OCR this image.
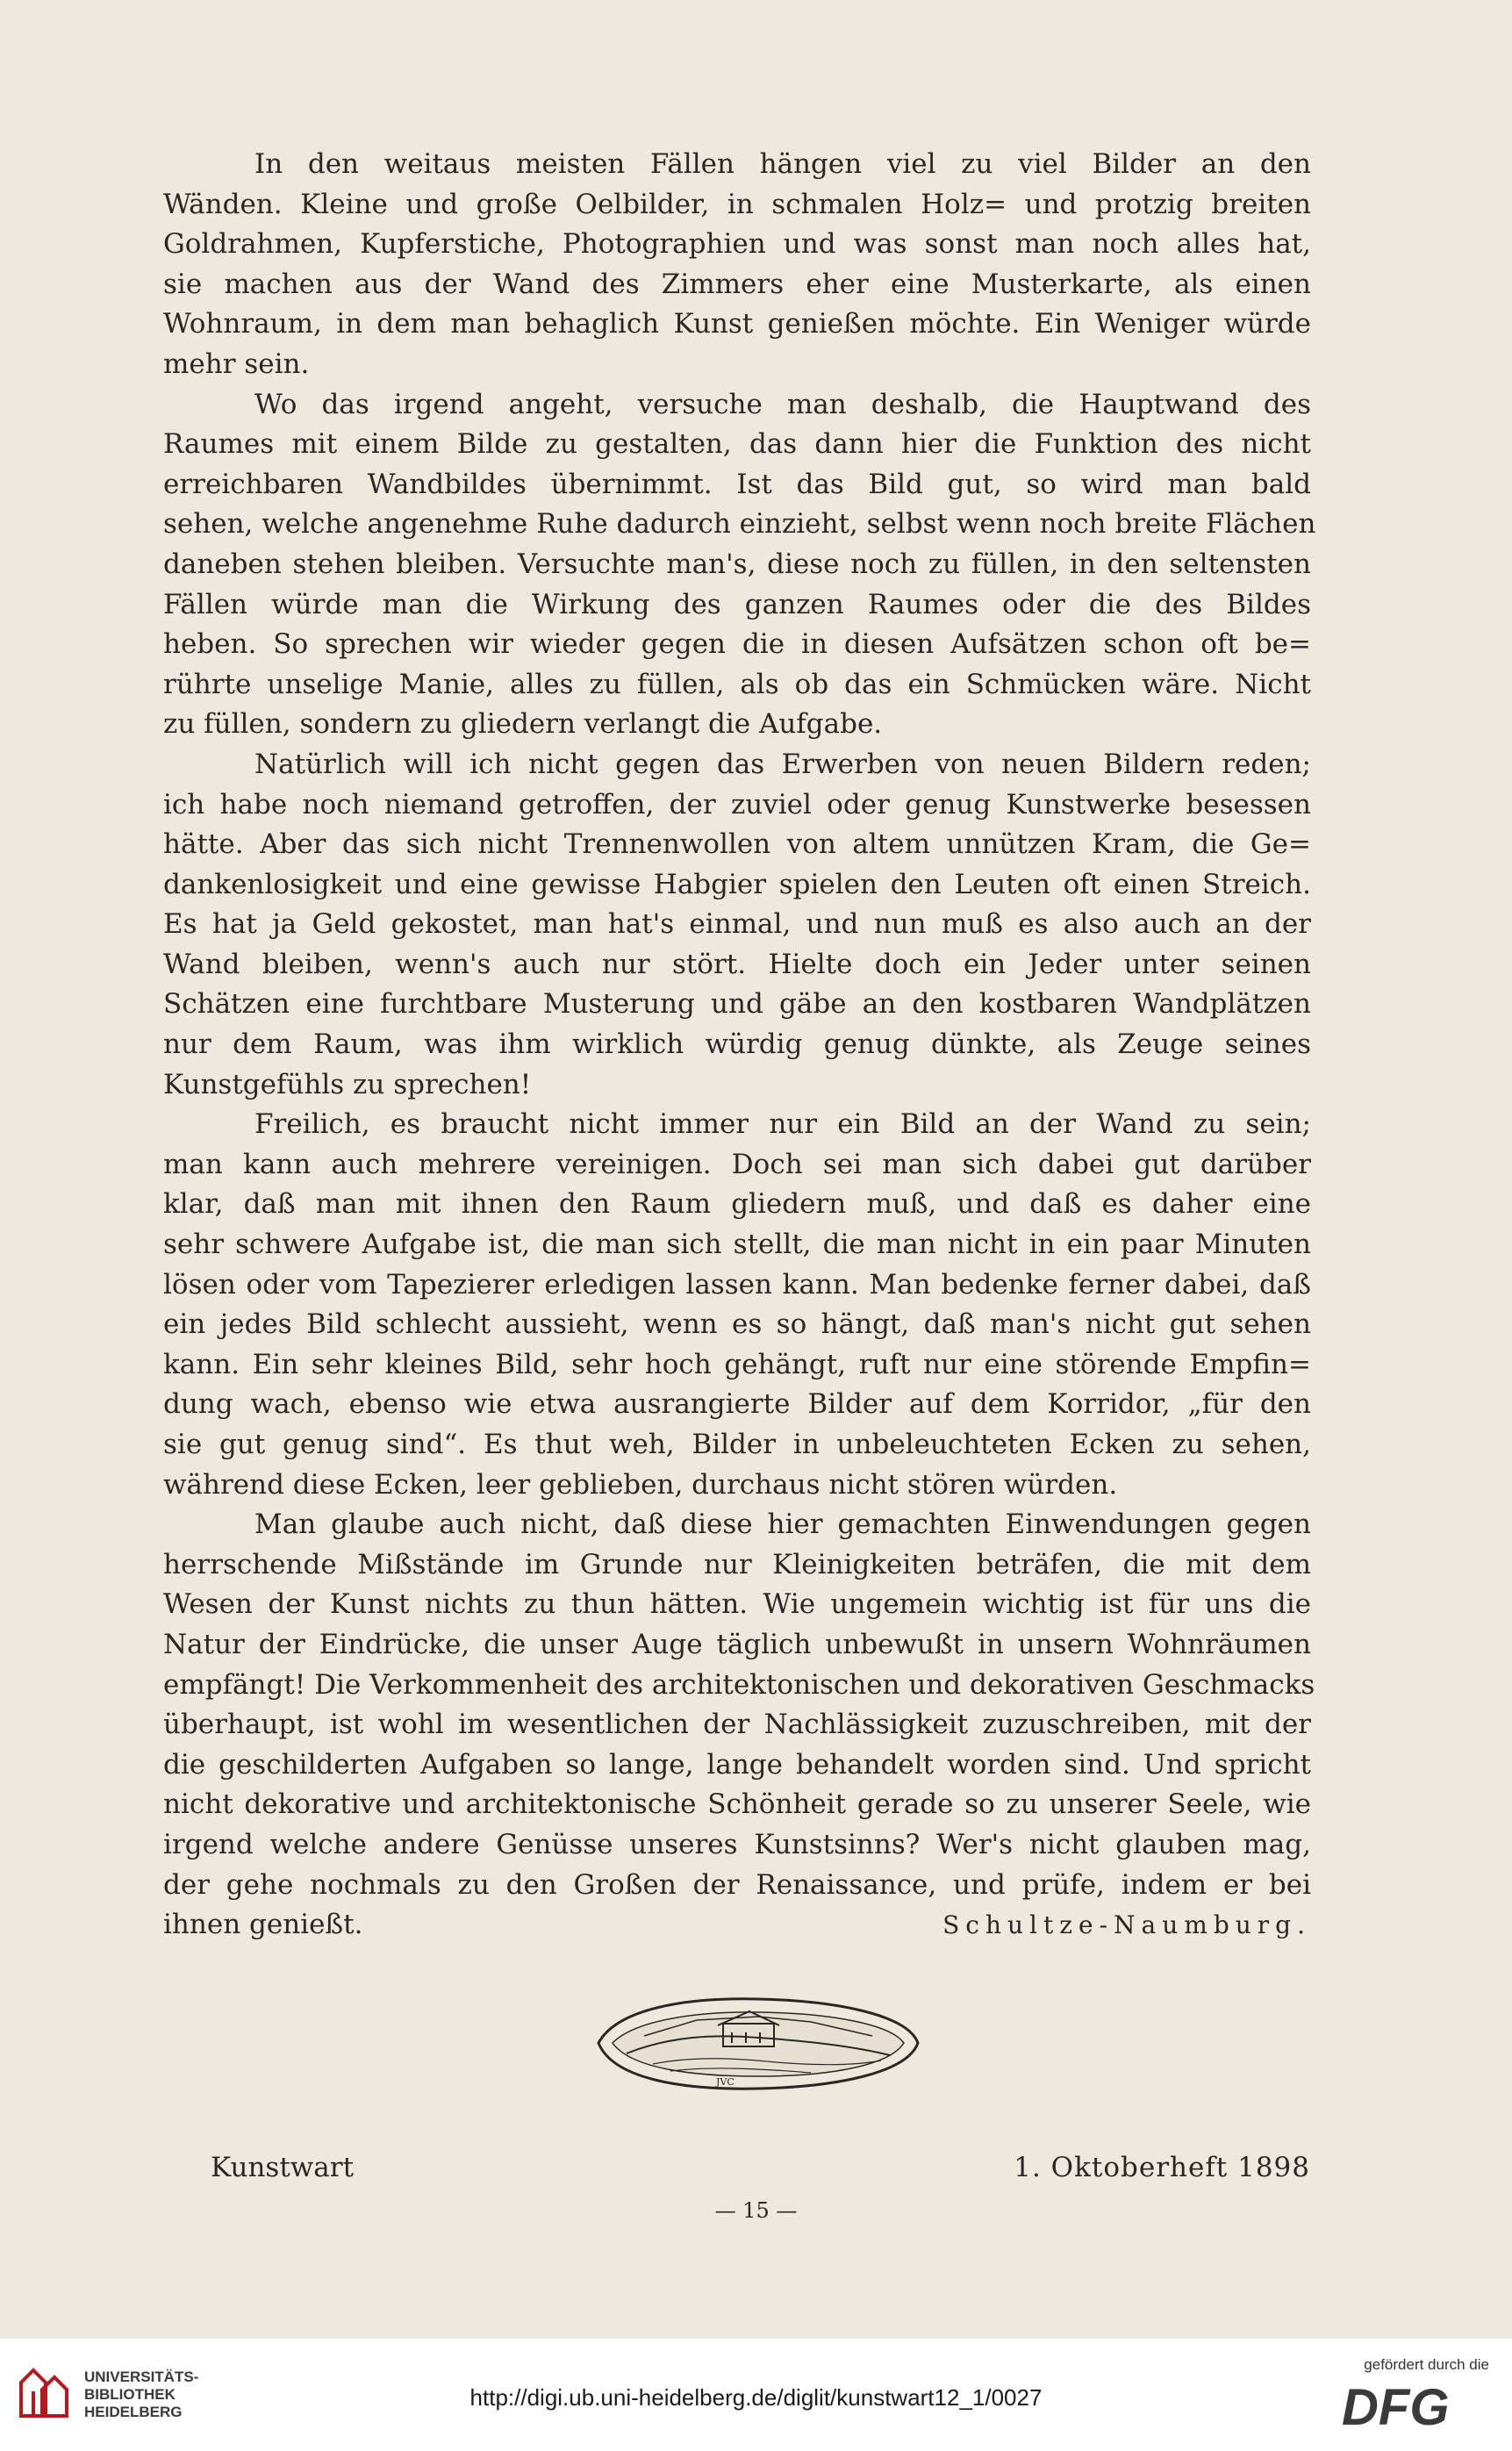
In den weitaus meisten Fällen hängen viel zu viel Bilder an den
Wänden. Kleine und große Oelbilder, in schmalen Holz= und protzig breiten
Goldrahmen, Kupferstiche, Photographien und was sonst man noch alles hat,
sie machen aus der Wand des Zimmers eher eine Musterkarte, als einen
Wohnraum, in dem man behaglich Kunst genießen möchte. Ein Weniger würde
mehr sein.

Wo das irgend angeht, versuche man deshalb, die Hauptwand des
Raumes mit einem Bilde zu gestalten, das dann hier die Funktion des nicht
erreichbaren Wandbildes übernimmt. Ist das Bild gut, so wird man bald
sehen, welche angenehme Ruhe dadurch einzieht, selbst wenn noch breite Flächen
daneben stehen bleiben. Versuchte man's, diese noch zu füllen, in den seltensten
Fällen würde man die Wirkung des ganzen Raumes oder die des Bildes
heben. So sprechen wir wieder gegen die in diesen Aufsätzen schon oft be=
rührte unselige Manie, alles zu füllen, als ob das ein Schmücken wäre. Nicht
zu füllen, sondern zu gliedern verlangt die Aufgabe.

Natürlich will ich nicht gegen das Erwerben von neuen Bildern reden;
ich habe noch niemand getroffen, der zuviel oder genug Kunstwerke besessen
hätte. Aber das sich nicht Trennenwollen von altem unnützen Kram, die Ge=
dankenlosigkeit und eine gewisse Habgier spielen den Leuten oft einen Streich.
Es hat ja Geld gekostet, man hat's einmal, und nun muß es also auch an der
Wand bleiben, wenn's auch nur stört. Hielte doch ein Jeder unter seinen
Schätzen eine furchtbare Musterung und gäbe an den kostbaren Wandplätzen
nur dem Raum, was ihm wirklich würdig genug dünkte, als Zeuge seines
Kunstgefühls zu sprechen!

Freilich, es braucht nicht immer nur ein Bild an der Wand zu sein;
man kann auch mehrere vereinigen. Doch sei man sich dabei gut darüber
klar, daß man mit ihnen den Raum gliedern muß, und daß es daher eine
sehr schwere Aufgabe ist, die man sich stellt, die man nicht in ein paar Minuten
lösen oder vom Tapezierer erledigen lassen kann. Man bedenke ferner dabei, daß
ein jedes Bild schlecht aussieht, wenn es so hängt, daß man's nicht gut sehen
kann. Ein sehr kleines Bild, sehr hoch gehängt, ruft nur eine störende Empfin=
dung wach, ebenso wie etwa ausrangierte Bilder auf dem Korridor, „für den
sie gut genug sind“. Es thut weh, Bilder in unbeleuchteten Ecken zu sehen,
während diese Ecken, leer geblieben, durchaus nicht stören würden.

Man glaube auch nicht, daß diese hier gemachten Einwendungen gegen
herrschende Mißstände im Grunde nur Kleinigkeiten beträfen, die mit dem
Wesen der Kunst nichts zu thun hätten. Wie ungemein wichtig ist für uns die
Natur der Eindrücke, die unser Auge täglich unbewußt in unsern Wohnräumen
empfängt! Die Verkommenheit des architektonischen und dekorativen Geschmacks
überhaupt, ist wohl im wesentlichen der Nachlässigkeit zuzuschreiben, mit der
die geschilderten Aufgaben so lange, lange behandelt worden sind. Und spricht
nicht dekorative und architektonische Schönheit gerade so zu unserer Seele, wie
irgend welche andere Genüsse unseres Kunstsinns? Wer's nicht glauben mag,
der gehe nochmals zu den Großen der Renaissance, und prüfe, indem er bei
ihnen genießt.	Schultze-Naumburg.

JVC
Kunstwart	1. Oktoberheft 1898
— 15 —
UNIVERSITÄTS-
BIBLIOTHEK
HEIDELBERG
http://digi.ub.uni-heidelberg.de/diglit/kunstwart12_1/0027
gefördert durch die
DFG
